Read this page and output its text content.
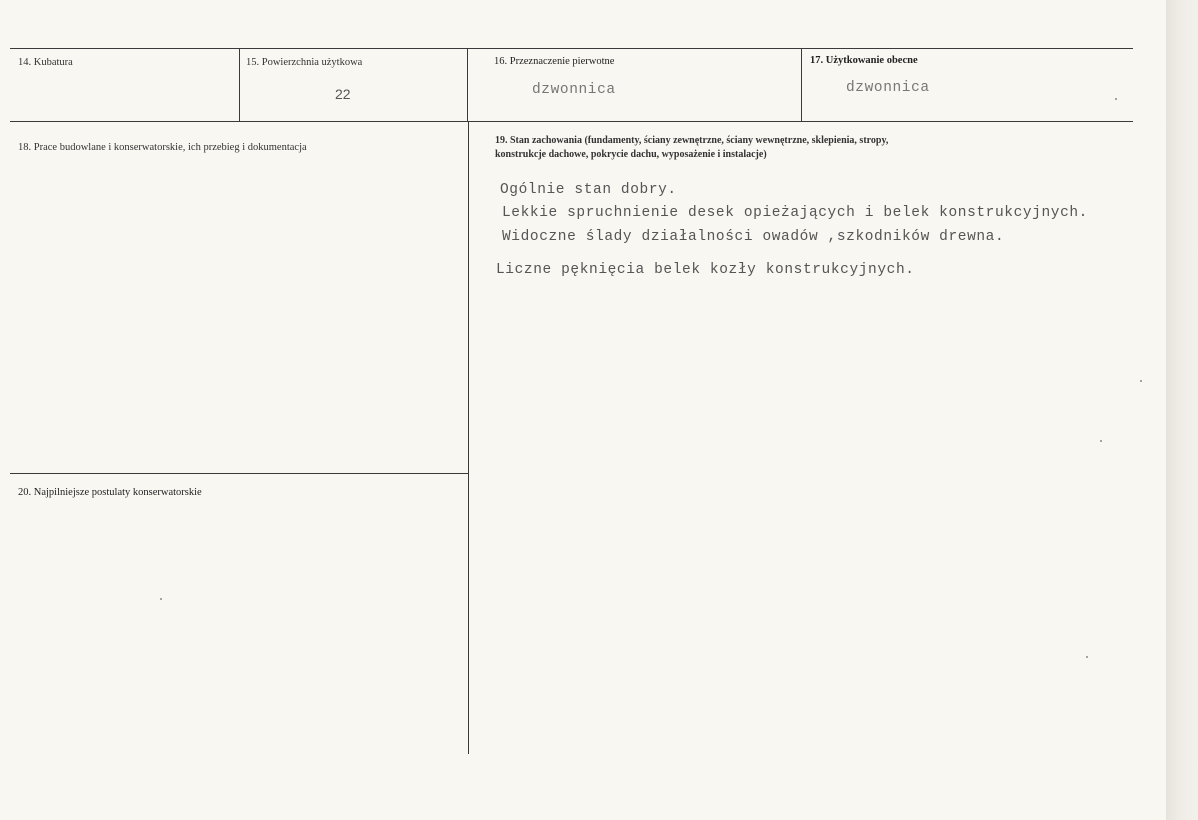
14. Kubatura	15. Powierzchnia użytkowa
22
16. Przeznaczenie pierwotne
dzwonnica
17. Użytkowanie obecne
dzwonnica
18. Prace budowlane i konserwatorskie, ich przebieg i dokumentacja
19. Stan zachowania (fundamenty, ściany zewnętrzne, ściany wewnętrzne, sklepienia, stropy,
konstrukcje dachowe, pokrycie dachu, wyposażenie i instalacje)
Ogólnie stan dobry.
Lekkie spruchnienie desek opieżających i belek konstrukcyjnych.
Widoczne ślady działalności owadów ,szkodników drewna.
Liczne pęknięcia belek kozły konstrukcyjnych.
20. Najpilniejsze postulaty konserwatorskie
